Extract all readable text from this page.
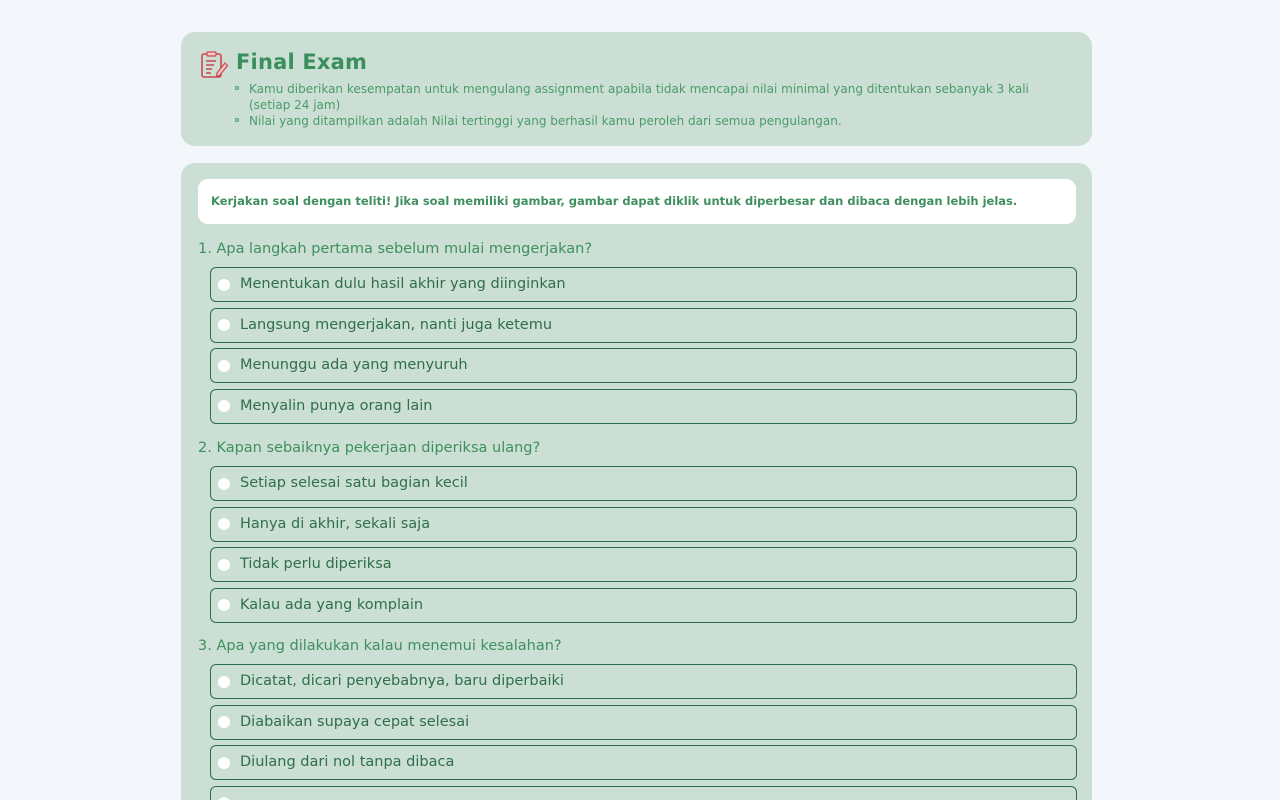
Final Exam
Kamu diberikan kesempatan untuk mengulang assignment apabila tidak mencapai nilai minimal yang ditentukan sebanyak 3 kali (setiap 24 jam)
Nilai yang ditampilkan adalah Nilai tertinggi yang berhasil kamu peroleh dari semua pengulangan.
Kerjakan soal dengan teliti! Jika soal memiliki gambar, gambar dapat diklik untuk diperbesar dan dibaca dengan lebih jelas.
1. Apa langkah pertama sebelum mulai mengerjakan?
Menentukan dulu hasil akhir yang diinginkan
Langsung mengerjakan, nanti juga ketemu
Menunggu ada yang menyuruh
Menyalin punya orang lain
2. Kapan sebaiknya pekerjaan diperiksa ulang?
Setiap selesai satu bagian kecil
Hanya di akhir, sekali saja
Tidak perlu diperiksa
Kalau ada yang komplain
3. Apa yang dilakukan kalau menemui kesalahan?
Dicatat, dicari penyebabnya, baru diperbaiki
Diabaikan supaya cepat selesai
Diulang dari nol tanpa dibaca
